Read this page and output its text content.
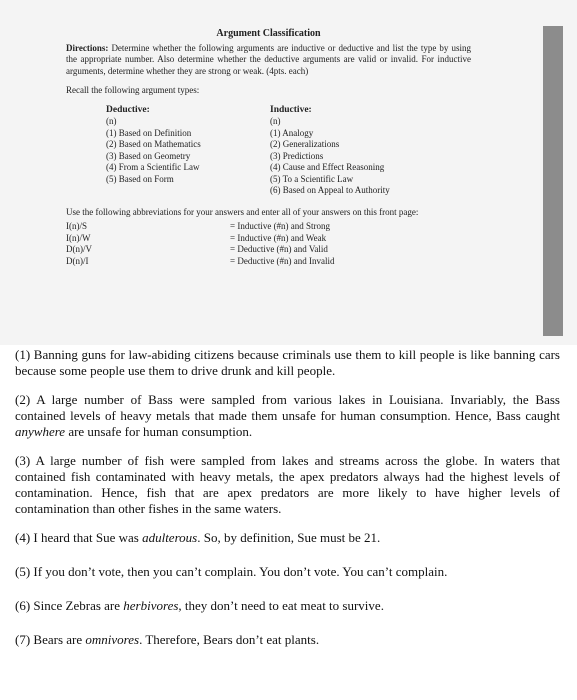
Argument Classification
Directions: Determine whether the following arguments are inductive or deductive and list the type by using the appropriate number. Also determine whether the deductive arguments are valid or invalid. For inductive arguments, determine whether they are strong or weak. (4pts. each)
Recall the following argument types:
Deductive:
(n)
(1) Based on Definition
(2) Based on Mathematics
(3) Based on Geometry
(4) From a Scientific Law
(5) Based on Form
Inductive:
(n)
(1) Analogy
(2) Generalizations
(3) Predictions
(4) Cause and Effect Reasoning
(5) To a Scientific Law
(6) Based on Appeal to Authority
Use the following abbreviations for your answers and enter all of your answers on this front page:
I(n)/S
I(n)/W
D(n)/V
D(n)/I
= Inductive (#n) and Strong
= Inductive (#n) and Weak
= Deductive (#n) and Valid
= Deductive (#n) and Invalid

(1) Banning guns for law-abiding citizens because criminals use them to kill people is like banning cars because some people use them to drive drunk and kill people.

(2) A large number of Bass were sampled from various lakes in Louisiana. Invariably, the Bass contained levels of heavy metals that made them unsafe for human consumption. Hence, Bass caught anywhere are unsafe for human consumption.

(3) A large number of fish were sampled from lakes and streams across the globe. In waters that contained fish contaminated with heavy metals, the apex predators always had the highest levels of contamination. Hence, fish that are apex predators are more likely to have higher levels of contamination than other fishes in the same waters.

(4) I heard that Sue was adulterous. So, by definition, Sue must be 21.

(5) If you don’t vote, then you can’t complain. You don’t vote. You can’t complain.

(6) Since Zebras are herbivores, they don’t need to eat meat to survive.

(7) Bears are omnivores. Therefore, Bears don’t eat plants.
